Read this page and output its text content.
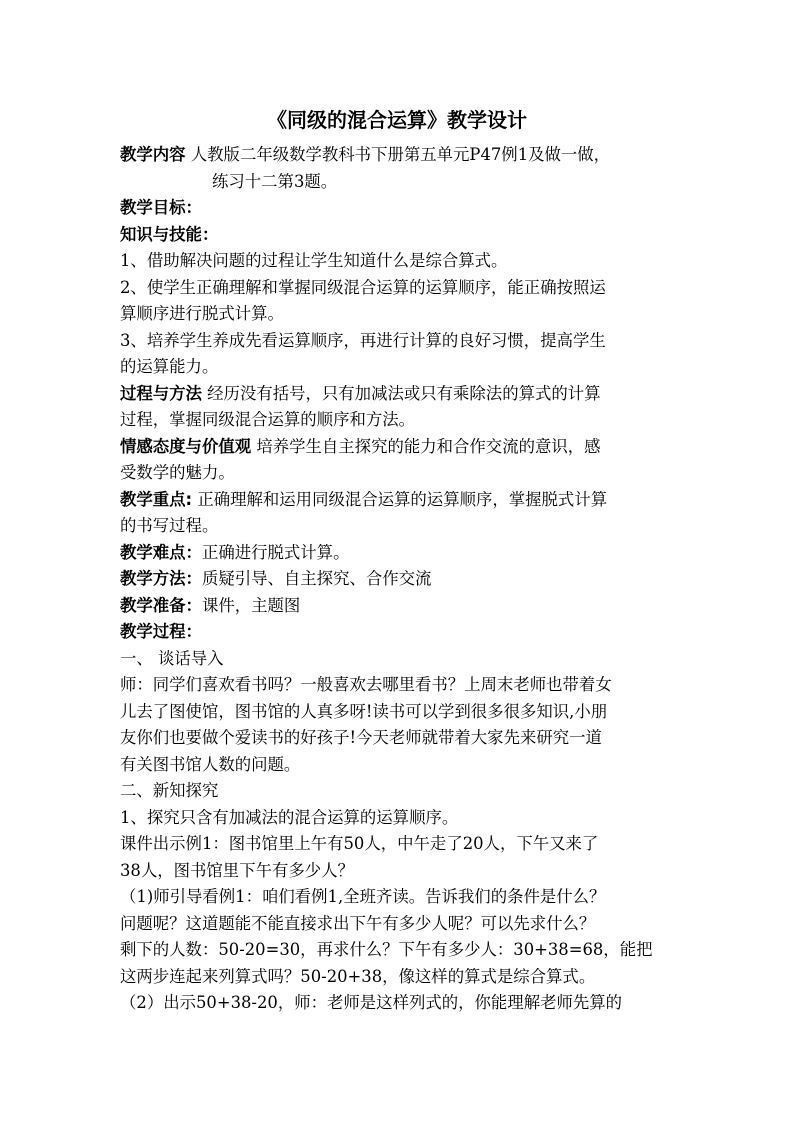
《同级的混合运算》教学设计

教学内容 人教版二年级数学教科书下册第五单元P47例1及做一做，

练习十二第3题。

教学目标：

知识与技能：

1、借助解决问题的过程让学生知道什么是综合算式。

2、使学生正确理解和掌握同级混合运算的运算顺序，能正确按照运

算顺序进行脱式计算。

3、培养学生养成先看运算顺序，再进行计算的良好习惯，提高学生

的运算能力。

过程与方法 经历没有括号，只有加减法或只有乘除法的算式的计算

过程，掌握同级混合运算的顺序和方法。

情感态度与价值观 培养学生自主探究的能力和合作交流的意识，感

受数学的魅力。

教学重点: 正确理解和运用同级混合运算的运算顺序，掌握脱式计算

的书写过程。

教学难点：正确进行脱式计算。

教学方法：质疑引导、自主探究、合作交流

教学准备：课件，主题图

教学过程：

一、 谈话导入

师：同学们喜欢看书吗？一般喜欢去哪里看书？上周末老师也带着女

儿去了图使馆，图书馆的人真多呀!读书可以学到很多很多知识,小朋

友你们也要做个爱读书的好孩子!今天老师就带着大家先来研究一道

有关图书馆人数的问题。

二、新知探究

1、探究只含有加减法的混合运算的运算顺序。

课件出示例1：图书馆里上午有50人，中午走了20人，下午又来了

38人，图书馆里下午有多少人？

（1)师引导看例1：咱们看例1,全班齐读。告诉我们的条件是什么？

问题呢？这道题能不能直接求出下午有多少人呢？可以先求什么？

剩下的人数：50-20=30，再求什么？下午有多少人：30+38=68，能把

这两步连起来列算式吗？50-20+38，像这样的算式是综合算式。

（2）出示50+38-20，师：老师是这样列式的，你能理解老师先算的
